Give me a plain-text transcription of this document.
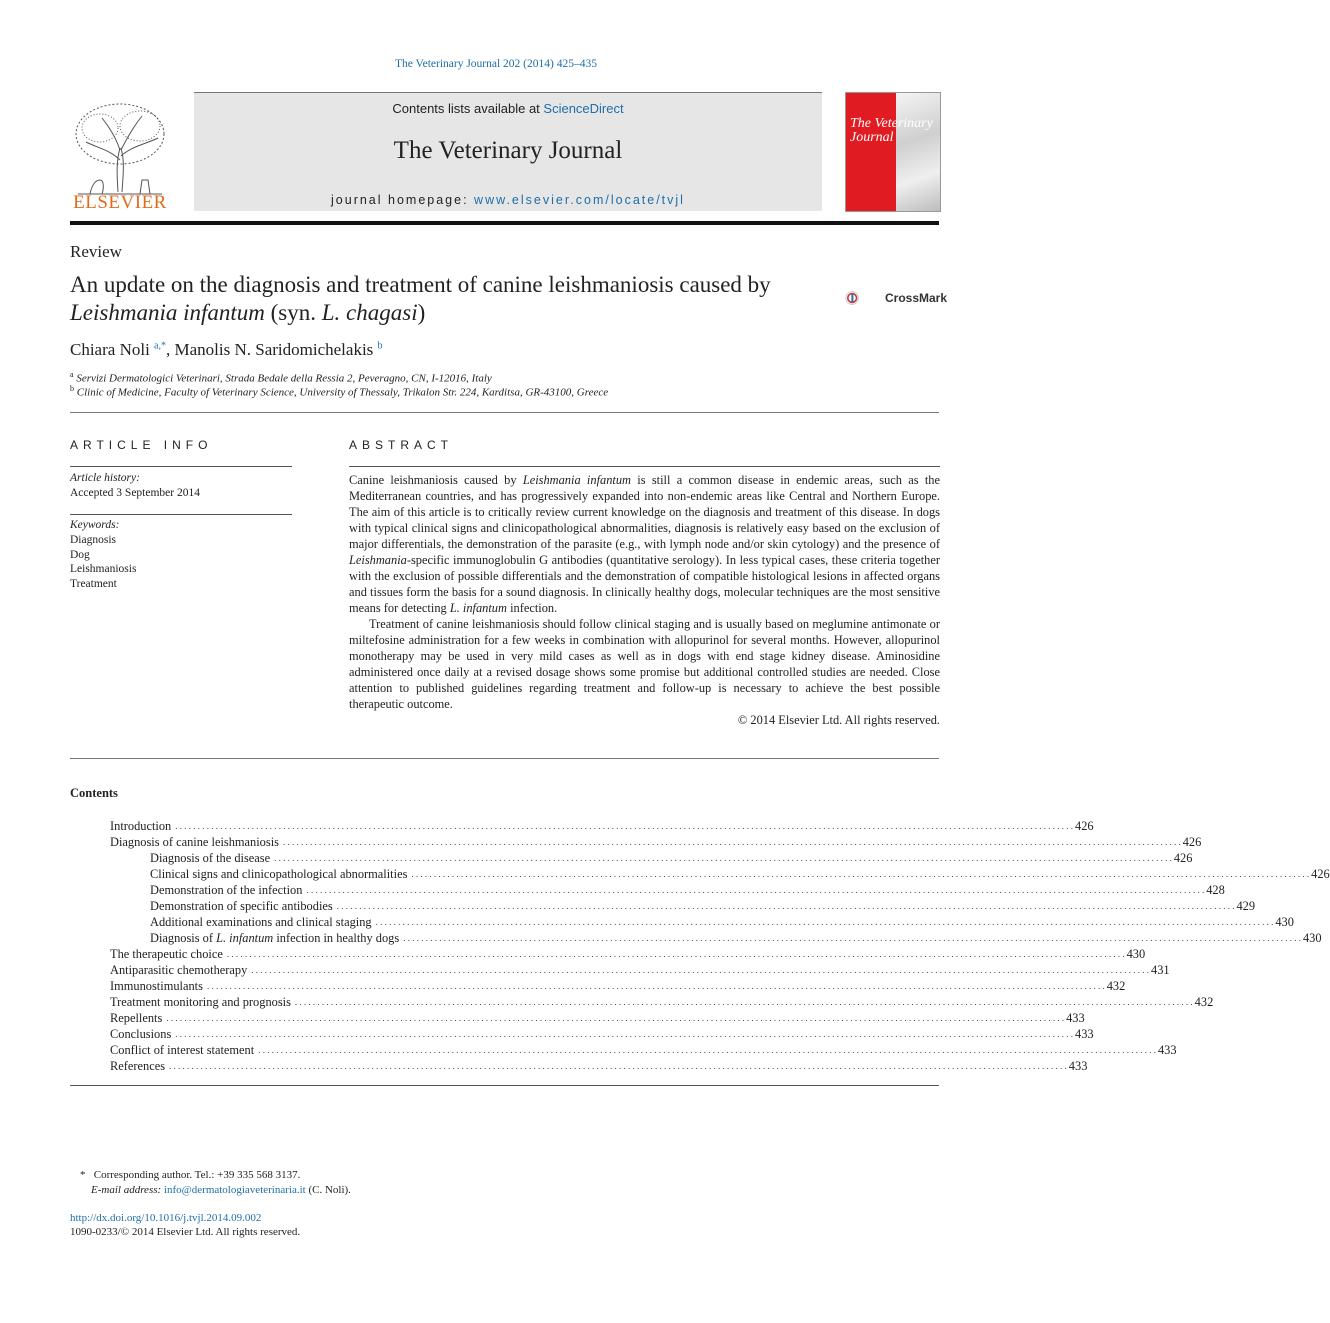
The Veterinary Journal 202 (2014) 425–435
ELSEVIER
Contents lists available at ScienceDirect
The Veterinary Journal
journal homepage: www.elsevier.com/locate/tvjl
The Veterinary Journal
Review
An update on the diagnosis and treatment of canine leishmaniosis caused by Leishmania infantum (syn. L. chagasi)
CrossMark
Chiara Noli $^{a,*}$, Manolis N. Saridomichelakis $^b$
$^a$ Servizi Dermatologici Veterinari, Strada Bedale della Ressia 2, Peveragno, CN, I-12016, Italy
$^b$ Clinic of Medicine, Faculty of Veterinary Science, University of Thessaly, Trikalon Str. 224, Karditsa, GR-43100, Greece
ARTICLE INFO
Article history:
Accepted 3 September 2014
Keywords:
Diagnosis
Dog
Leishmaniosis
Treatment
ABSTRACT

Canine leishmaniosis caused by Leishmania infantum is still a common disease in endemic areas, such as the Mediterranean countries, and has progressively expanded into non-endemic areas like Central and Northern Europe. The aim of this article is to critically review current knowledge on the diagnosis and treatment of this disease. In dogs with typical clinical signs and clinicopathological abnormalities, diagnosis is relatively easy based on the exclusion of major differentials, the demonstration of the parasite (e.g., with lymph node and/or skin cytology) and the presence of Leishmania-specific immunoglobulin G antibodies (quantitative serology). In less typical cases, these criteria together with the exclusion of possible differentials and the demonstration of compatible histological lesions in affected organs and tissues form the basis for a sound diagnosis. In clinically healthy dogs, molecular techniques are the most sensitive means for detecting L. infantum infection.

Treatment of canine leishmaniosis should follow clinical staging and is usually based on meglumine antimonate or miltefosine administration for a few weeks in combination with allopurinol for several months. However, allopurinol monotherapy may be used in very mild cases as well as in dogs with end stage kidney disease. Aminosidine administered once daily at a revised dosage shows some promise but additional controlled studies are needed. Close attention to published guidelines regarding treatment and follow-up is necessary to achieve the best possible therapeutic outcome.

© 2014 Elsevier Ltd. All rights reserved.

Contents
Introduction . . . . . . . . . . . . . . . . . . . . . . . . . . . . . . . . . . . . . . . . . . . . . . . . . . . . . . . . . . . . . . . . . . . . . . . . . . . . . . . . . . . . . . . . . . . . . . . . . . . . . . . . . . . . . . . . . . . . . . . . . . . . . . . . . . . . . . . . . . . . . . . . . . . . . . . . . . . . . . . . . . . . . . . . . . . . . . . . . . . . . . . . . . . . . . . . . . . . . . . . 426
Diagnosis of canine leishmaniosis . . . . . . . . . . . . . . . . . . . . . . . . . . . . . . . . . . . . . . . . . . . . . . . . . . . . . . . . . . . . . . . . . . . . . . . . . . . . . . . . . . . . . . . . . . . . . . . . . . . . . . . . . . . . . . . . . . . . . . . . . . . . . . . . . . . . . . . . . . . . . . . . . . . . . . . . . . . . . . . . . . . . . . . . . . . . . . . . . . . . . . . . . . . . . . . . . . . . . . . . 426
Diagnosis of the disease . . . . . . . . . . . . . . . . . . . . . . . . . . . . . . . . . . . . . . . . . . . . . . . . . . . . . . . . . . . . . . . . . . . . . . . . . . . . . . . . . . . . . . . . . . . . . . . . . . . . . . . . . . . . . . . . . . . . . . . . . . . . . . . . . . . . . . . . . . . . . . . . . . . . . . . . . . . . . . . . . . . . . . . . . . . . . . . . . . . . . . . . . . . . . . . . . . . . . . . . 426
Clinical signs and clinicopathological abnormalities . . . . . . . . . . . . . . . . . . . . . . . . . . . . . . . . . . . . . . . . . . . . . . . . . . . . . . . . . . . . . . . . . . . . . . . . . . . . . . . . . . . . . . . . . . . . . . . . . . . . . . . . . . . . . . . . . . . . . . . . . . . . . . . . . . . . . . . . . . . . . . . . . . . . . . . . . . . . . . . . . . . . . . . . . . . . . . . . . . . . . . . . . . . . . . . . . . . . . . . . 426
Demonstration of the infection . . . . . . . . . . . . . . . . . . . . . . . . . . . . . . . . . . . . . . . . . . . . . . . . . . . . . . . . . . . . . . . . . . . . . . . . . . . . . . . . . . . . . . . . . . . . . . . . . . . . . . . . . . . . . . . . . . . . . . . . . . . . . . . . . . . . . . . . . . . . . . . . . . . . . . . . . . . . . . . . . . . . . . . . . . . . . . . . . . . . . . . . . . . . . . . . . . . . . . . . 428
Demonstration of specific antibodies . . . . . . . . . . . . . . . . . . . . . . . . . . . . . . . . . . . . . . . . . . . . . . . . . . . . . . . . . . . . . . . . . . . . . . . . . . . . . . . . . . . . . . . . . . . . . . . . . . . . . . . . . . . . . . . . . . . . . . . . . . . . . . . . . . . . . . . . . . . . . . . . . . . . . . . . . . . . . . . . . . . . . . . . . . . . . . . . . . . . . . . . . . . . . . . . . . . . . . . . 429
Additional examinations and clinical staging . . . . . . . . . . . . . . . . . . . . . . . . . . . . . . . . . . . . . . . . . . . . . . . . . . . . . . . . . . . . . . . . . . . . . . . . . . . . . . . . . . . . . . . . . . . . . . . . . . . . . . . . . . . . . . . . . . . . . . . . . . . . . . . . . . . . . . . . . . . . . . . . . . . . . . . . . . . . . . . . . . . . . . . . . . . . . . . . . . . . . . . . . . . . . . . . . . . . . . . . 430
Diagnosis of L. infantum infection in healthy dogs . . . . . . . . . . . . . . . . . . . . . . . . . . . . . . . . . . . . . . . . . . . . . . . . . . . . . . . . . . . . . . . . . . . . . . . . . . . . . . . . . . . . . . . . . . . . . . . . . . . . . . . . . . . . . . . . . . . . . . . . . . . . . . . . . . . . . . . . . . . . . . . . . . . . . . . . . . . . . . . . . . . . . . . . . . . . . . . . . . . . . . . . . . . . . . . . . . . . . . . . 430
The therapeutic choice . . . . . . . . . . . . . . . . . . . . . . . . . . . . . . . . . . . . . . . . . . . . . . . . . . . . . . . . . . . . . . . . . . . . . . . . . . . . . . . . . . . . . . . . . . . . . . . . . . . . . . . . . . . . . . . . . . . . . . . . . . . . . . . . . . . . . . . . . . . . . . . . . . . . . . . . . . . . . . . . . . . . . . . . . . . . . . . . . . . . . . . . . . . . . . . . . . . . . . . . 430
Antiparasitic chemotherapy . . . . . . . . . . . . . . . . . . . . . . . . . . . . . . . . . . . . . . . . . . . . . . . . . . . . . . . . . . . . . . . . . . . . . . . . . . . . . . . . . . . . . . . . . . . . . . . . . . . . . . . . . . . . . . . . . . . . . . . . . . . . . . . . . . . . . . . . . . . . . . . . . . . . . . . . . . . . . . . . . . . . . . . . . . . . . . . . . . . . . . . . . . . . . . . . . . . . . . . . 431
Immunostimulants . . . . . . . . . . . . . . . . . . . . . . . . . . . . . . . . . . . . . . . . . . . . . . . . . . . . . . . . . . . . . . . . . . . . . . . . . . . . . . . . . . . . . . . . . . . . . . . . . . . . . . . . . . . . . . . . . . . . . . . . . . . . . . . . . . . . . . . . . . . . . . . . . . . . . . . . . . . . . . . . . . . . . . . . . . . . . . . . . . . . . . . . . . . . . . . . . . . . . . . . 432
Treatment monitoring and prognosis . . . . . . . . . . . . . . . . . . . . . . . . . . . . . . . . . . . . . . . . . . . . . . . . . . . . . . . . . . . . . . . . . . . . . . . . . . . . . . . . . . . . . . . . . . . . . . . . . . . . . . . . . . . . . . . . . . . . . . . . . . . . . . . . . . . . . . . . . . . . . . . . . . . . . . . . . . . . . . . . . . . . . . . . . . . . . . . . . . . . . . . . . . . . . . . . . . . . . . . . 432
Repellents . . . . . . . . . . . . . . . . . . . . . . . . . . . . . . . . . . . . . . . . . . . . . . . . . . . . . . . . . . . . . . . . . . . . . . . . . . . . . . . . . . . . . . . . . . . . . . . . . . . . . . . . . . . . . . . . . . . . . . . . . . . . . . . . . . . . . . . . . . . . . . . . . . . . . . . . . . . . . . . . . . . . . . . . . . . . . . . . . . . . . . . . . . . . . . . . . . . . . . . . 433
Conclusions . . . . . . . . . . . . . . . . . . . . . . . . . . . . . . . . . . . . . . . . . . . . . . . . . . . . . . . . . . . . . . . . . . . . . . . . . . . . . . . . . . . . . . . . . . . . . . . . . . . . . . . . . . . . . . . . . . . . . . . . . . . . . . . . . . . . . . . . . . . . . . . . . . . . . . . . . . . . . . . . . . . . . . . . . . . . . . . . . . . . . . . . . . . . . . . . . . . . . . . . 433
Conflict of interest statement . . . . . . . . . . . . . . . . . . . . . . . . . . . . . . . . . . . . . . . . . . . . . . . . . . . . . . . . . . . . . . . . . . . . . . . . . . . . . . . . . . . . . . . . . . . . . . . . . . . . . . . . . . . . . . . . . . . . . . . . . . . . . . . . . . . . . . . . . . . . . . . . . . . . . . . . . . . . . . . . . . . . . . . . . . . . . . . . . . . . . . . . . . . . . . . . . . . . . . . . 433
References . . . . . . . . . . . . . . . . . . . . . . . . . . . . . . . . . . . . . . . . . . . . . . . . . . . . . . . . . . . . . . . . . . . . . . . . . . . . . . . . . . . . . . . . . . . . . . . . . . . . . . . . . . . . . . . . . . . . . . . . . . . . . . . . . . . . . . . . . . . . . . . . . . . . . . . . . . . . . . . . . . . . . . . . . . . . . . . . . . . . . . . . . . . . . . . . . . . . . . . . 433
* Corresponding author. Tel.: +39 335 568 3137.
E-mail address: info@dermatologiaveterinaria.it (C. Noli).
http://dx.doi.org/10.1016/j.tvjl.2014.09.002
1090-0233/© 2014 Elsevier Ltd. All rights reserved.
